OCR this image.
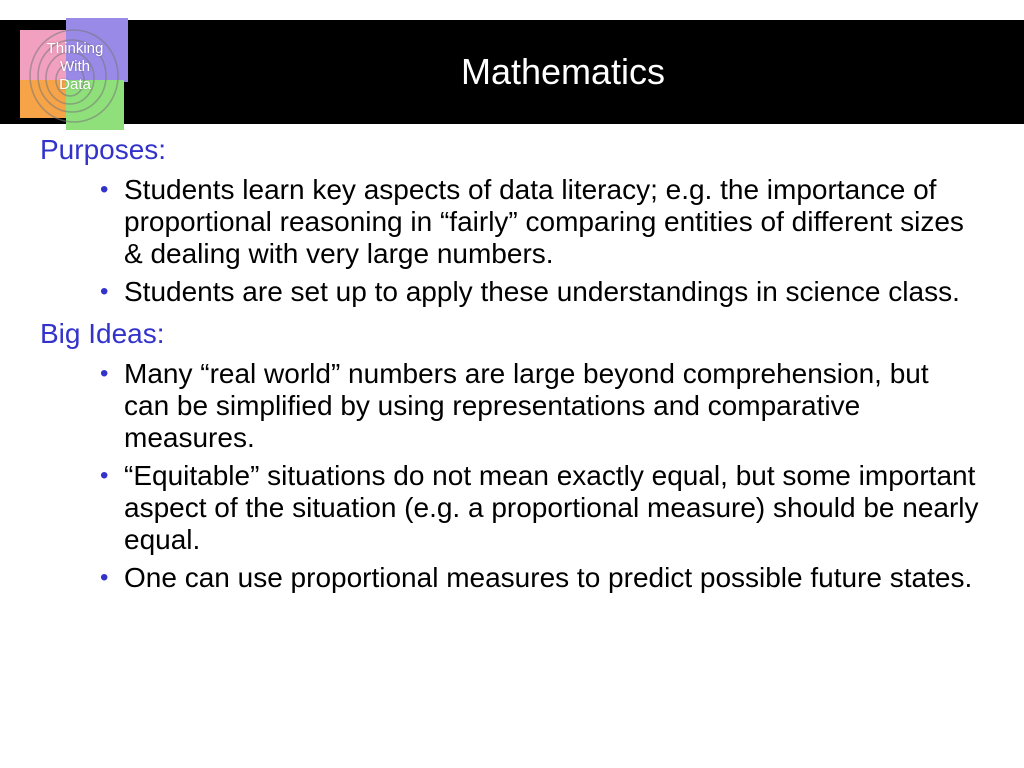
Mathematics
Thinking
With
Data
Purposes:
• Students learn key aspects of data literacy; e.g. the importance of proportional reasoning in “fairly” comparing entities of different sizes & dealing with very large numbers.
• Students are set up to apply these understandings in science class.
Big Ideas:
• Many “real world” numbers are large beyond comprehension, but can be simplified by using representations and comparative measures.
• “Equitable” situations do not mean exactly equal, but some important aspect of the situation (e.g. a proportional measure) should be nearly equal.
• One can use proportional measures to predict possible future states.
